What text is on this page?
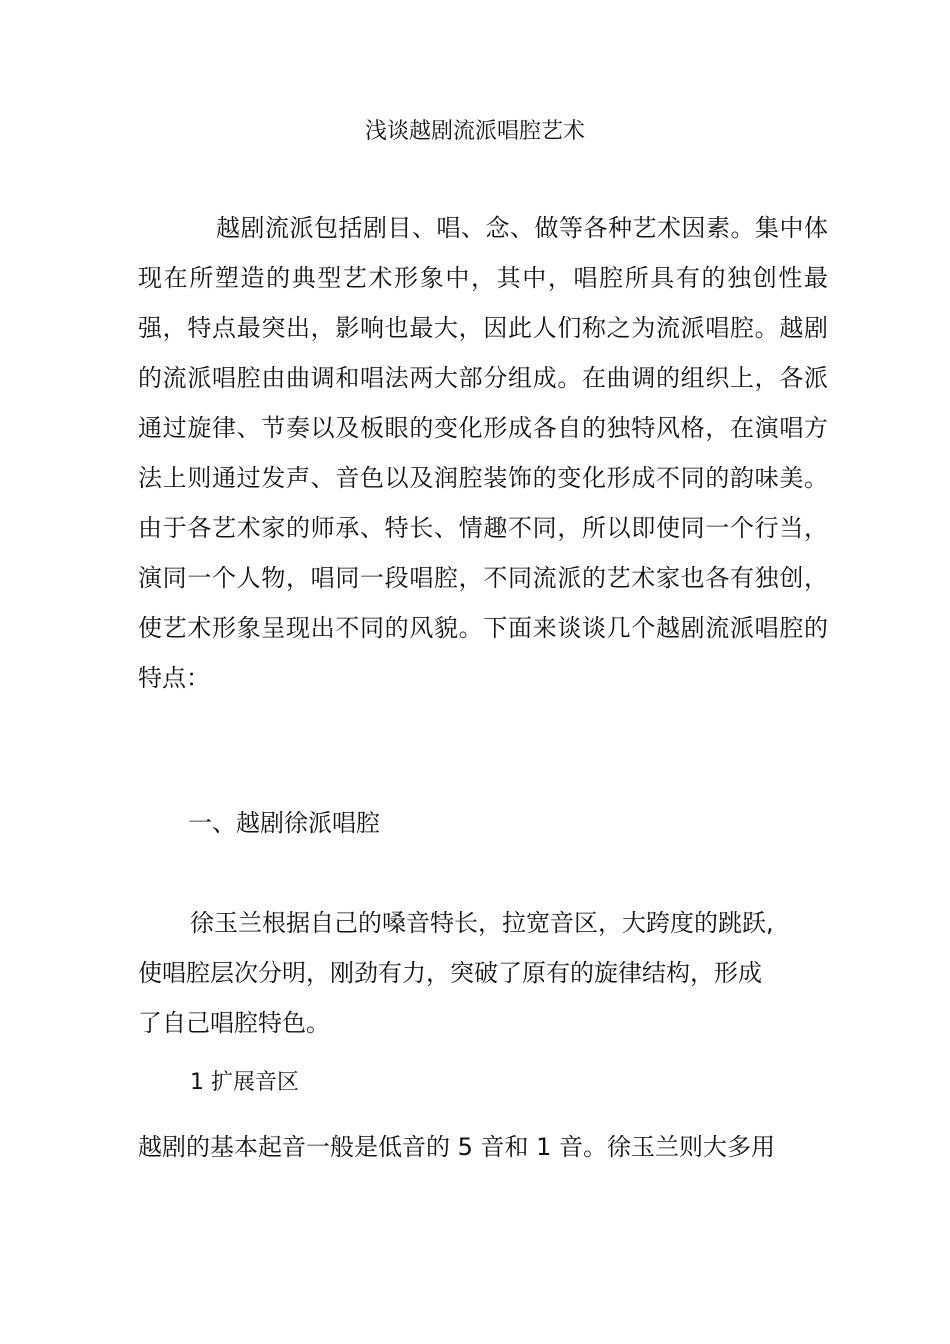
浅谈越剧流派唱腔艺术
越剧流派包括剧目、唱、念、做等各种艺术因素。集中体现在所塑造的典型艺术形象中，其中，唱腔所具有的独创性最强，特点最突出，影响也最大，因此人们称之为流派唱腔。越剧的流派唱腔由曲调和唱法两大部分组成。在曲调的组织上，各派通过旋律、节奏以及板眼的变化形成各自的独特风格，在演唱方法上则通过发声、音色以及润腔装饰的变化形成不同的韵味美。由于各艺术家的师承、特长、情趣不同，所以即使同一个行当，演同一个人物，唱同一段唱腔，不同流派的艺术家也各有独创，使艺术形象呈现出不同的风貌。下面来谈谈几个越剧流派唱腔的特点：
一、越剧徐派唱腔
徐玉兰根据自己的嗓音特长，拉宽音区，大跨度的跳跃,
使唱腔层次分明，刚劲有力，突破了原有的旋律结构，形成
了自己唱腔特色。
1 扩展音区
越剧的基本起音一般是低音的 5 音和 1 音。徐玉兰则大多用
